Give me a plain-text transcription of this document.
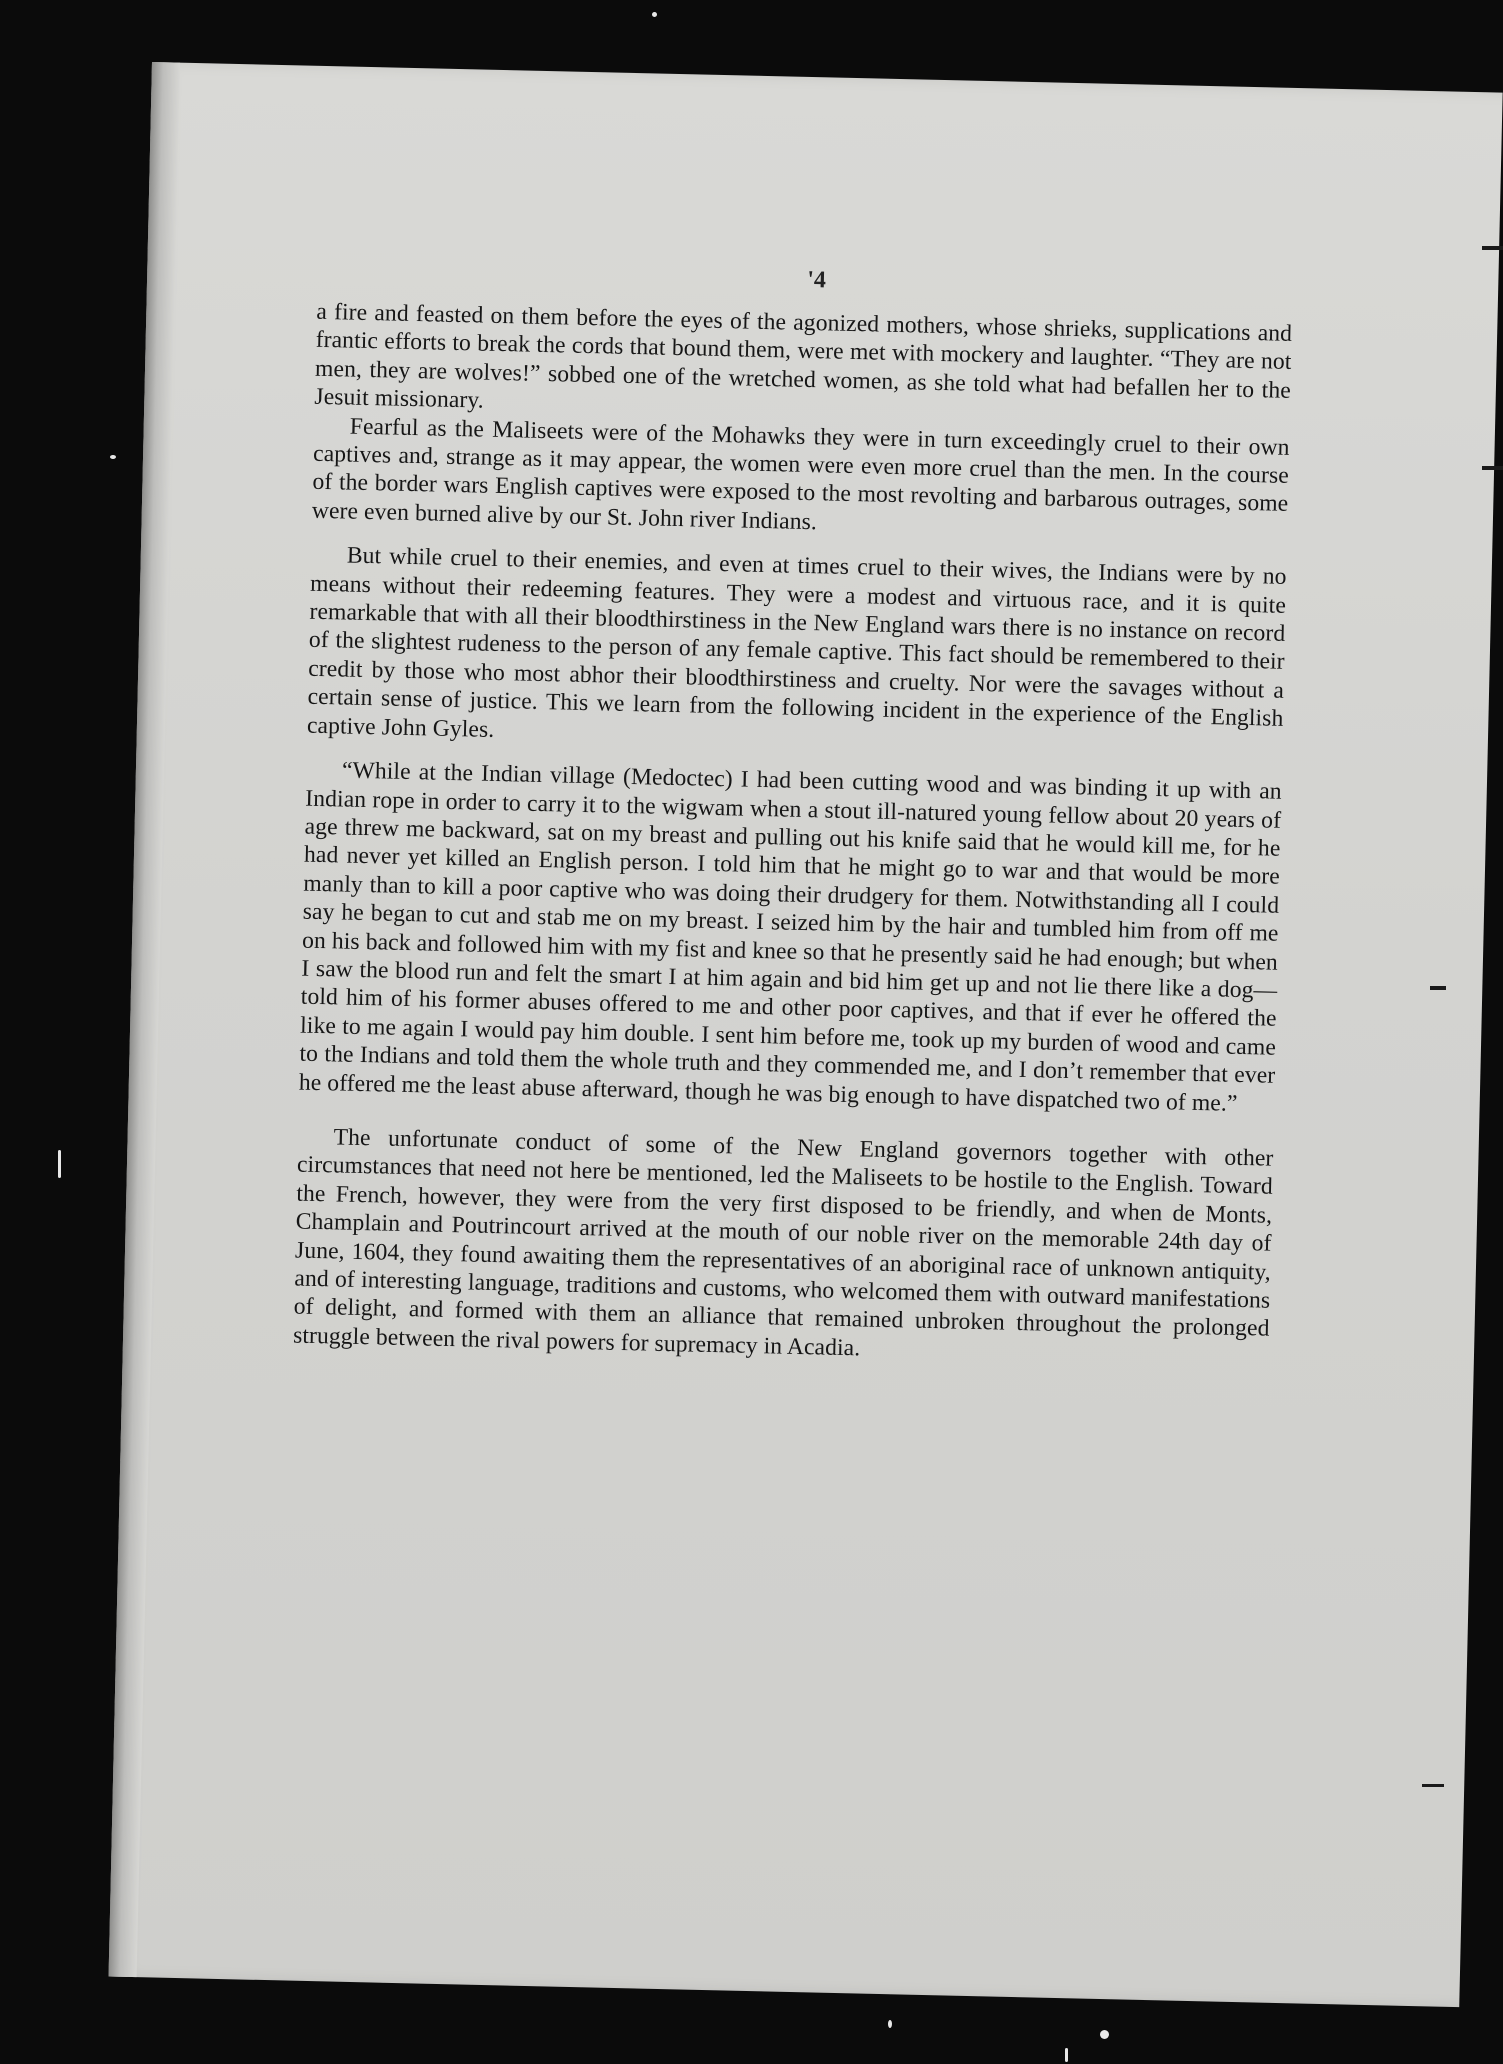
'4

a fire and feasted on them before the eyes of the agonized mothers, whose shrieks, supplications and frantic efforts to break the cords that bound them, were met with mockery and laughter. “They are not men, they are wolves!” sobbed one of the wretched women, as she told what had befallen her to the Jesuit missionary.

Fearful as the Maliseets were of the Mohawks they were in turn exceedingly cruel to their own captives and, strange as it may appear, the women were even more cruel than the men. In the course of the border wars English captives were exposed to the most revolting and barbarous outrages, some were even burned alive by our St. John river Indians.

But while cruel to their enemies, and even at times cruel to their wives, the Indians were by no means without their redeeming features. They were a modest and virtuous race, and it is quite remarkable that with all their bloodthirstiness in the New England wars there is no instance on record of the slightest rudeness to the person of any female captive. This fact should be remembered to their credit by those who most abhor their bloodthirstiness and cruelty. Nor were the savages without a certain sense of justice. This we learn from the following incident in the experience of the English captive John Gyles.

“While at the Indian village (Medoctec) I had been cutting wood and was binding it up with an Indian rope in order to carry it to the wigwam when a stout ill-natured young fellow about 20 years of age threw me backward, sat on my breast and pulling out his knife said that he would kill me, for he had never yet killed an English person. I told him that he might go to war and that would be more manly than to kill a poor captive who was doing their drudgery for them. Notwithstanding all I could say he began to cut and stab me on my breast. I seized him by the hair and tumbled him from off me on his back and followed him with my fist and knee so that he presently said he had enough; but when I saw the blood run and felt the smart I at him again and bid him get up and not lie there like a dog—told him of his former abuses offered to me and other poor captives, and that if ever he offered the like to me again I would pay him double. I sent him before me, took up my burden of wood and came to the Indians and told them the whole truth and they commended me, and I don’t remember that ever he offered me the least abuse afterward, though he was big enough to have dispatched two of me.”

The unfortunate conduct of some of the New England governors together with other circumstances that need not here be mentioned, led the Maliseets to be hostile to the English. Toward the French, however, they were from the very first disposed to be friendly, and when de Monts, Champlain and Poutrincourt arrived at the mouth of our noble river on the memorable 24th day of June, 1604, they found awaiting them the representatives of an aboriginal race of unknown antiquity, and of interesting language, traditions and customs, who welcomed them with outward manifestations of delight, and formed with them an alliance that remained unbroken throughout the prolonged struggle between the rival powers for supremacy in Acadia.
